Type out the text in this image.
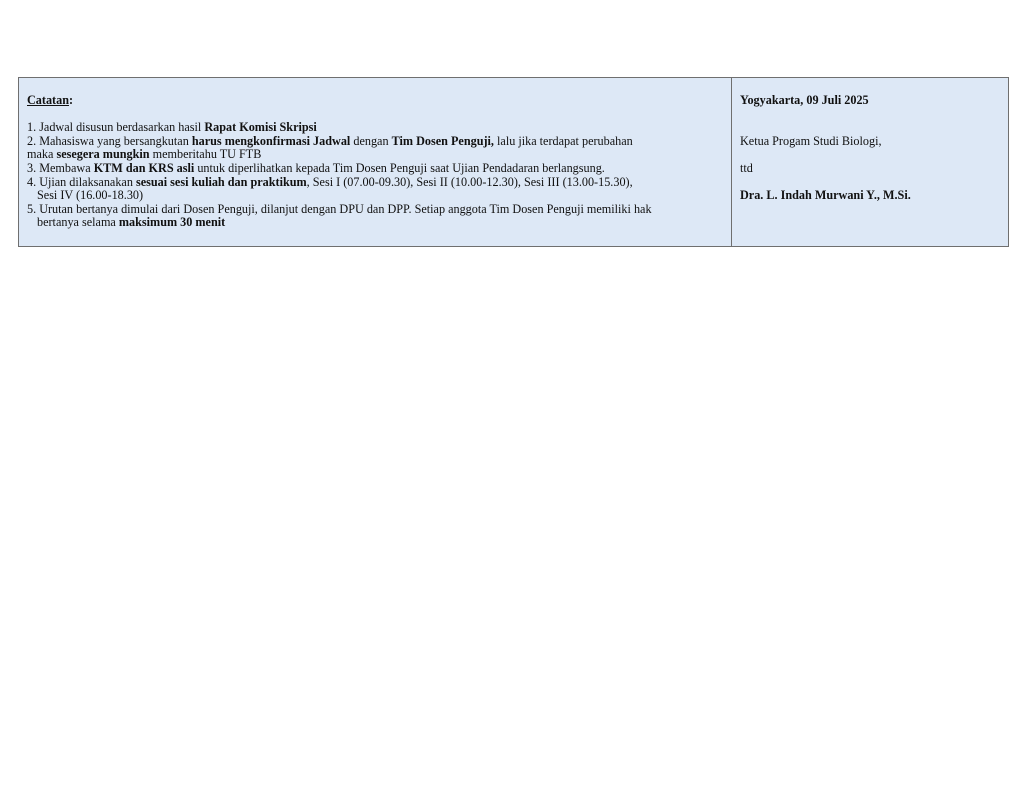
Catatan:
1. Jadwal disusun berdasarkan hasil Rapat Komisi Skripsi
2. Mahasiswa yang bersangkutan harus mengkonfirmasi Jadwal dengan Tim Dosen Penguji, lalu jika terdapat perubahan
maka sesegera mungkin memberitahu TU FTB
3. Membawa KTM dan KRS asli untuk diperlihatkan kepada Tim Dosen Penguji saat Ujian Pendadaran berlangsung.
4. Ujian dilaksanakan sesuai sesi kuliah dan praktikum, Sesi I (07.00-09.30), Sesi II (10.00-12.30), Sesi III (13.00-15.30),
Sesi IV (16.00-18.30)
5. Urutan bertanya dimulai dari Dosen Penguji, dilanjut dengan DPU dan DPP. Setiap anggota Tim Dosen Penguji memiliki hak
bertanya selama maksimum 30 menit
Yogyakarta, 09 Juli 2025
Ketua Progam Studi Biologi,
ttd
Dra. L. Indah Murwani Y., M.Si.
